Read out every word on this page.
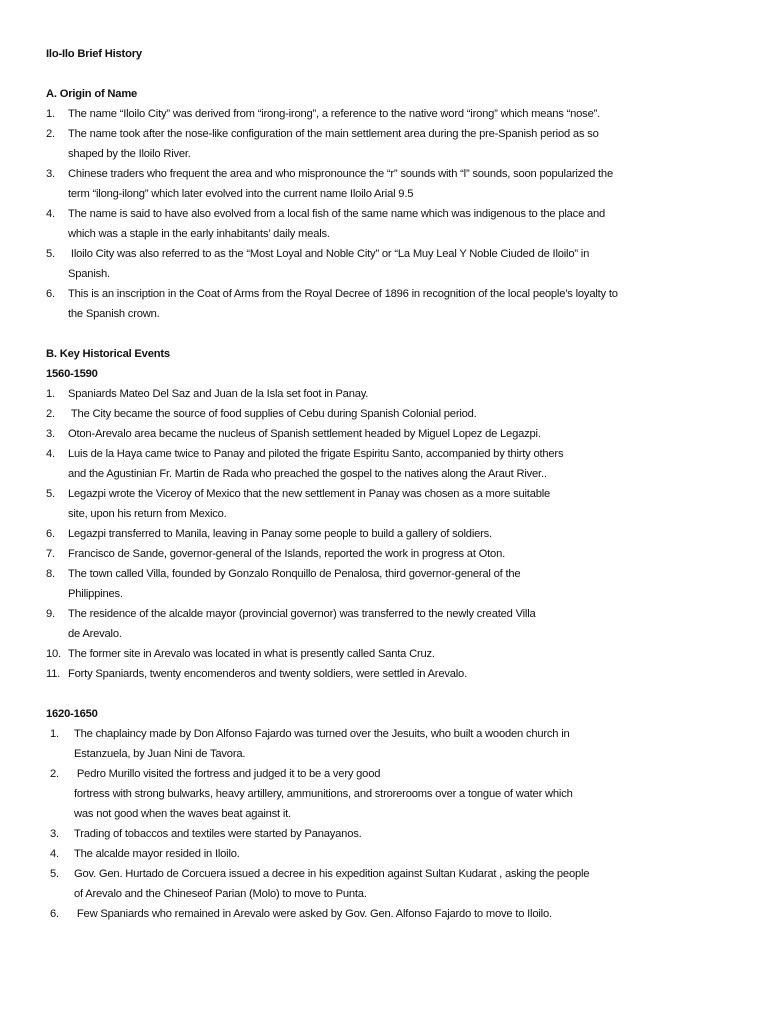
Ilo-Ilo Brief History
A. Origin of Name
1.	The name “Iloilo City” was derived from “irong-irong”, a reference to the native word “irong” which means “nose”.
2.	The name took after the nose-like configuration of the main settlement area during the pre-Spanish period as so
shaped by the Iloilo River.
3.	Chinese traders who frequent the area and who mispronounce the “r” sounds with “l” sounds, soon popularized the
term “ilong-ilong” which later evolved into the current name Iloilo Arial 9.5
4.	The name is said to have also evolved from a local fish of the same name which was indigenous to the place and
which was a staple in the early inhabitants’ daily meals.
5.	Iloilo City was also referred to as the “Most Loyal and Noble City” or “La Muy Leal Y Noble Ciuded de Iloilo” in
Spanish.
6.	This is an inscription in the Coat of Arms from the Royal Decree of 1896 in recognition of the local people’s loyalty to
the Spanish crown.
B. Key Historical Events
1560-1590
1.	Spaniards Mateo Del Saz and Juan de la Isla set foot in Panay.
2.	The City became the source of food supplies of Cebu during Spanish Colonial period.
3.	Oton-Arevalo area became the nucleus of Spanish settlement headed by Miguel Lopez de Legazpi.
4.	Luis de la Haya came twice to Panay and piloted the frigate Espiritu Santo, accompanied by thirty others
and the Agustinian Fr. Martin de Rada who preached the gospel to the natives along the Araut River..
5.	Legazpi wrote the Viceroy of Mexico that the new settlement in Panay was chosen as a more suitable
site, upon his return from Mexico.
6.	Legazpi transferred to Manila, leaving in Panay some people to build a gallery of soldiers.
7.	Francisco de Sande, governor-general of the Islands, reported the work in progress at Oton.
8.	The town called Villa, founded by Gonzalo Ronquillo de Penalosa, third governor-general of the
Philippines.
9.	The residence of the alcalde mayor (provincial governor) was transferred to the newly created Villa
de Arevalo.
10. The former site in Arevalo was located in what is presently called Santa Cruz.
11. Forty Spaniards, twenty encomenderos and twenty soldiers, were settled in Arevalo.
1620-1650
1.	The chaplaincy made by Don Alfonso Fajardo was turned over the Jesuits, who built a wooden church in
Estanzuela, by Juan Nini de Tavora.
2.	Pedro Murillo visited the fortress and judged it to be a very good
fortress with strong bulwarks, heavy artillery, ammunitions, and strorerooms over a tongue of water which
was not good when the waves beat against it.
3.	Trading of tobaccos and textiles were started by Panayanos.
4.	The alcalde mayor resided in Iloilo.
5.	Gov. Gen. Hurtado de Corcuera issued a decree in his expedition against Sultan Kudarat , asking the people
of Arevalo and the Chineseof Parian (Molo) to move to Punta.
6.	Few Spaniards who remained in Arevalo were asked by Gov. Gen. Alfonso Fajardo to move to Iloilo.
